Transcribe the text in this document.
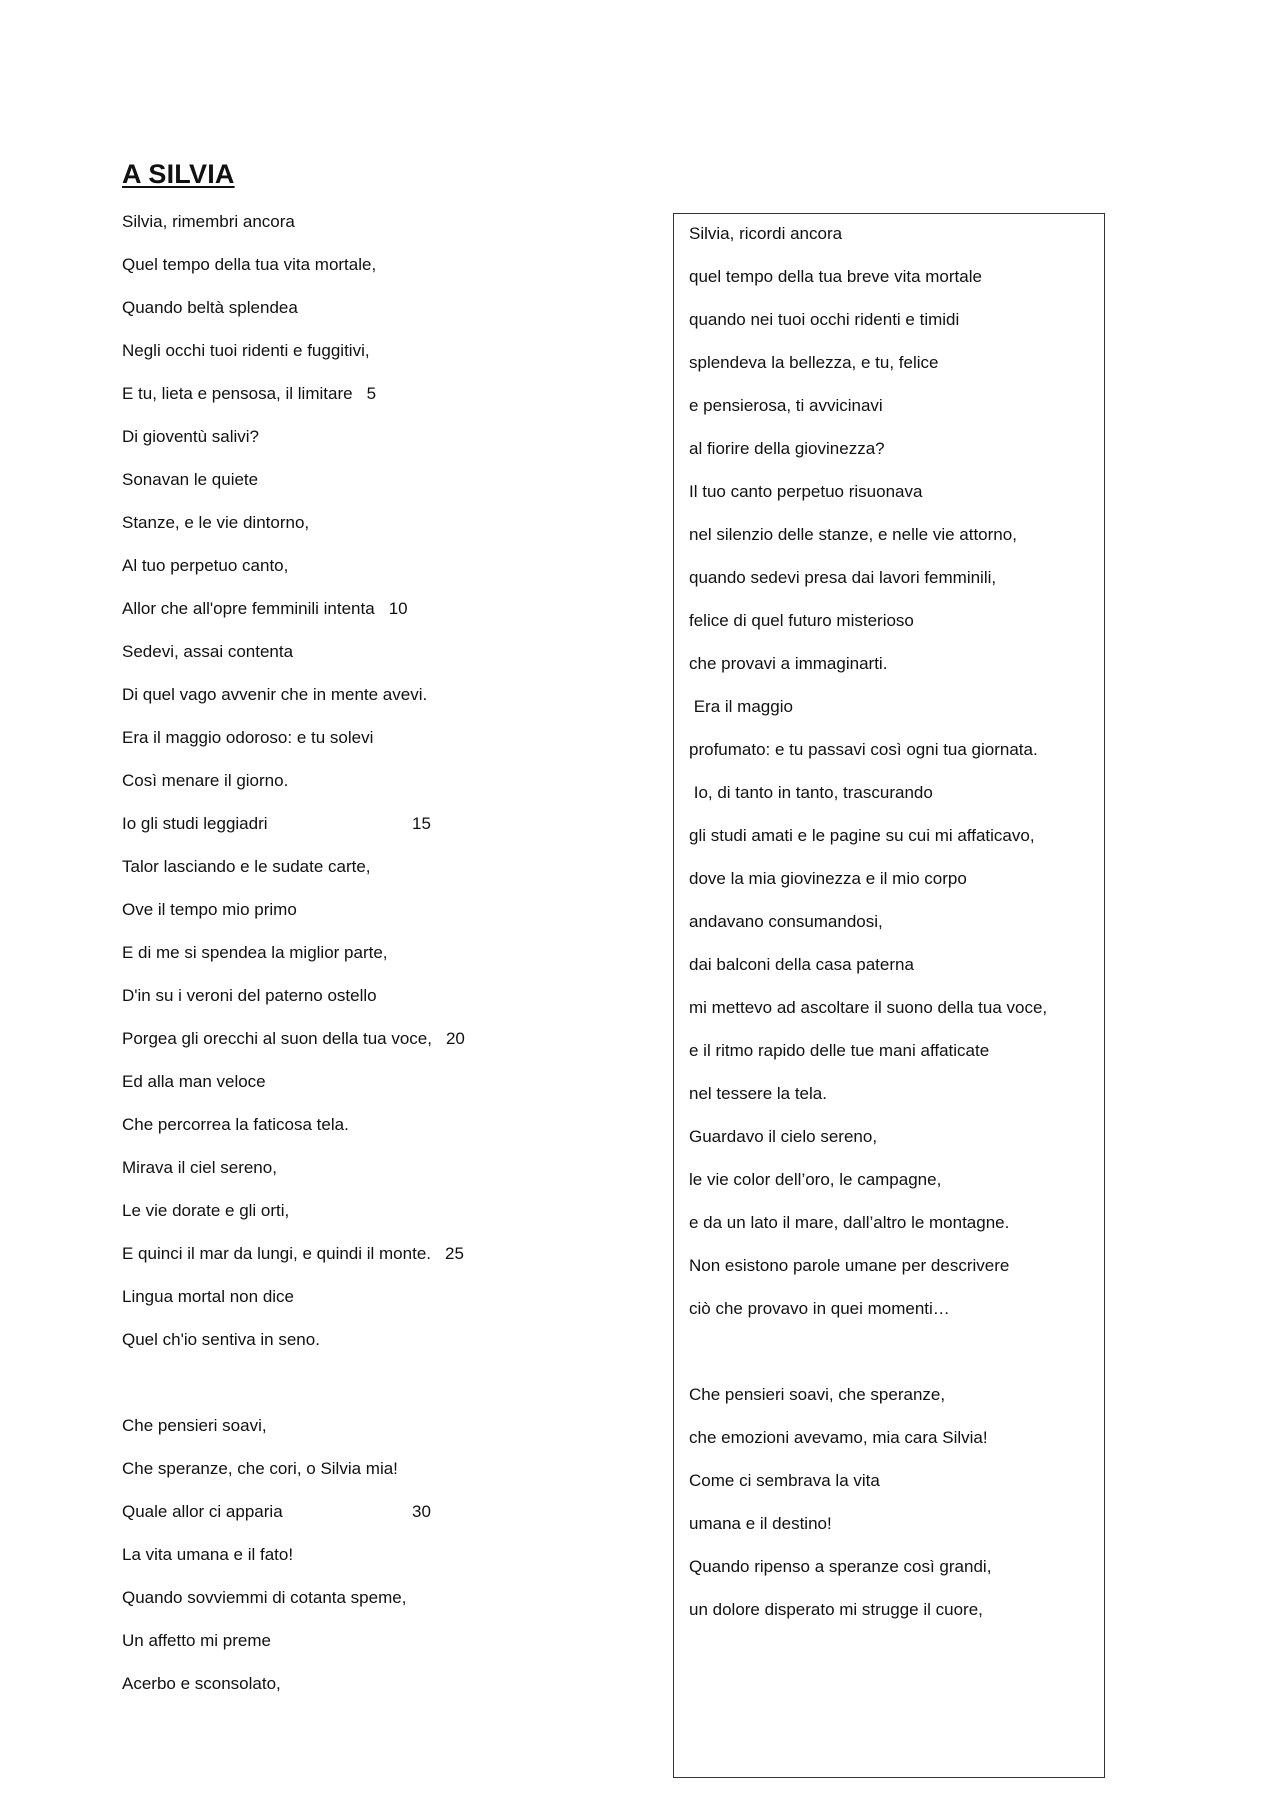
A SILVIA
Silvia, rimembri ancora
Quel tempo della tua vita mortale,
Quando beltà splendea
Negli occhi tuoi ridenti e fuggitivi,
E tu, lieta e pensosa, il limitare 5
Di gioventù salivi?
Sonavan le quiete
Stanze, e le vie dintorno,
Al tuo perpetuo canto,
Allor che all'opre femminili intenta 10
Sedevi, assai contenta
Di quel vago avvenir che in mente avevi.
Era il maggio odoroso: e tu solevi
Così menare il giorno.
Io gli studi leggiadri	15
Talor lasciando e le sudate carte,
Ove il tempo mio primo
E di me si spendea la miglior parte,
D'in su i veroni del paterno ostello
Porgea gli orecchi al suon della tua voce, 20
Ed alla man veloce
Che percorrea la faticosa tela.
Mirava il ciel sereno,
Le vie dorate e gli orti,
E quinci il mar da lungi, e quindi il monte. 25
Lingua mortal non dice
Quel ch'io sentiva in seno.
Che pensieri soavi,
Che speranze, che cori, o Silvia mia!
Quale allor ci apparia	30
La vita umana e il fato!
Quando sovviemmi di cotanta speme,
Un affetto mi preme
Acerbo e sconsolato,
Silvia, ricordi ancora
quel tempo della tua breve vita mortale
quando nei tuoi occhi ridenti e timidi
splendeva la bellezza, e tu, felice
e pensierosa, ti avvicinavi
al fiorire della giovinezza?
Il tuo canto perpetuo risuonava
nel silenzio delle stanze, e nelle vie attorno,
quando sedevi presa dai lavori femminili,
felice di quel futuro misterioso
che provavi a immaginarti.
Era il maggio
profumato: e tu passavi così ogni tua giornata.
Io, di tanto in tanto, trascurando
gli studi amati e le pagine su cui mi affaticavo,
dove la mia giovinezza e il mio corpo
andavano consumandosi,
dai balconi della casa paterna
mi mettevo ad ascoltare il suono della tua voce,
e il ritmo rapido delle tue mani affaticate
nel tessere la tela.
Guardavo il cielo sereno,
le vie color dell’oro, le campagne,
e da un lato il mare, dall’altro le montagne.
Non esistono parole umane per descrivere
ciò che provavo in quei momenti…
Che pensieri soavi, che speranze,
che emozioni avevamo, mia cara Silvia!
Come ci sembrava la vita
umana e il destino!
Quando ripenso a speranze così grandi,
un dolore disperato mi strugge il cuore,
